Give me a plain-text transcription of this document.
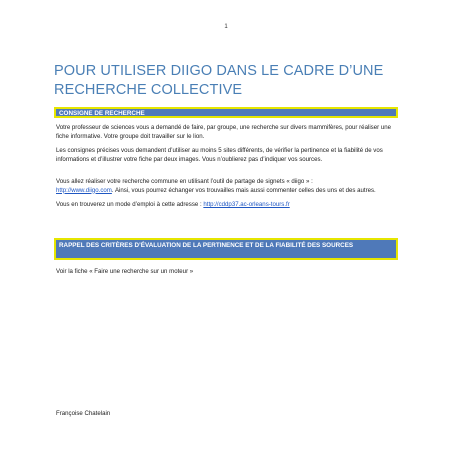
1
POUR UTILISER DIIGO DANS LE CADRE D’UNE RECHERCHE COLLECTIVE
CONSIGNE DE RECHERCHE

Votre professeur de sciences vous a demandé de faire, par groupe, une recherche sur divers mammifères, pour réaliser une fiche informative. Votre groupe doit travailler sur le lion.

Les consignes précises vous demandent d’utiliser au moins 5 sites différents, de vérifier la pertinence et la fiabilité de vos informations et d’illustrer votre fiche par deux images. Vous n’oublierez pas d’indiquer vos sources.

Vous allez réaliser votre recherche commune en utilisant l’outil de partage de signets « diigo » :
http://www.diigo.com. Ainsi, vous pourrez échanger vos trouvailles mais aussi commenter celles des uns et des autres.

Vous en trouverez un mode d’emploi à cette adresse : http://cddp37.ac-orleans-tours.fr

RAPPEL DES CRITÈRES D’ÉVALUATION DE LA PERTINENCE ET DE LA FIABILITÉ DES SOURCES

Voir la fiche « Faire une recherche sur un moteur »

Françoise Chatelain
